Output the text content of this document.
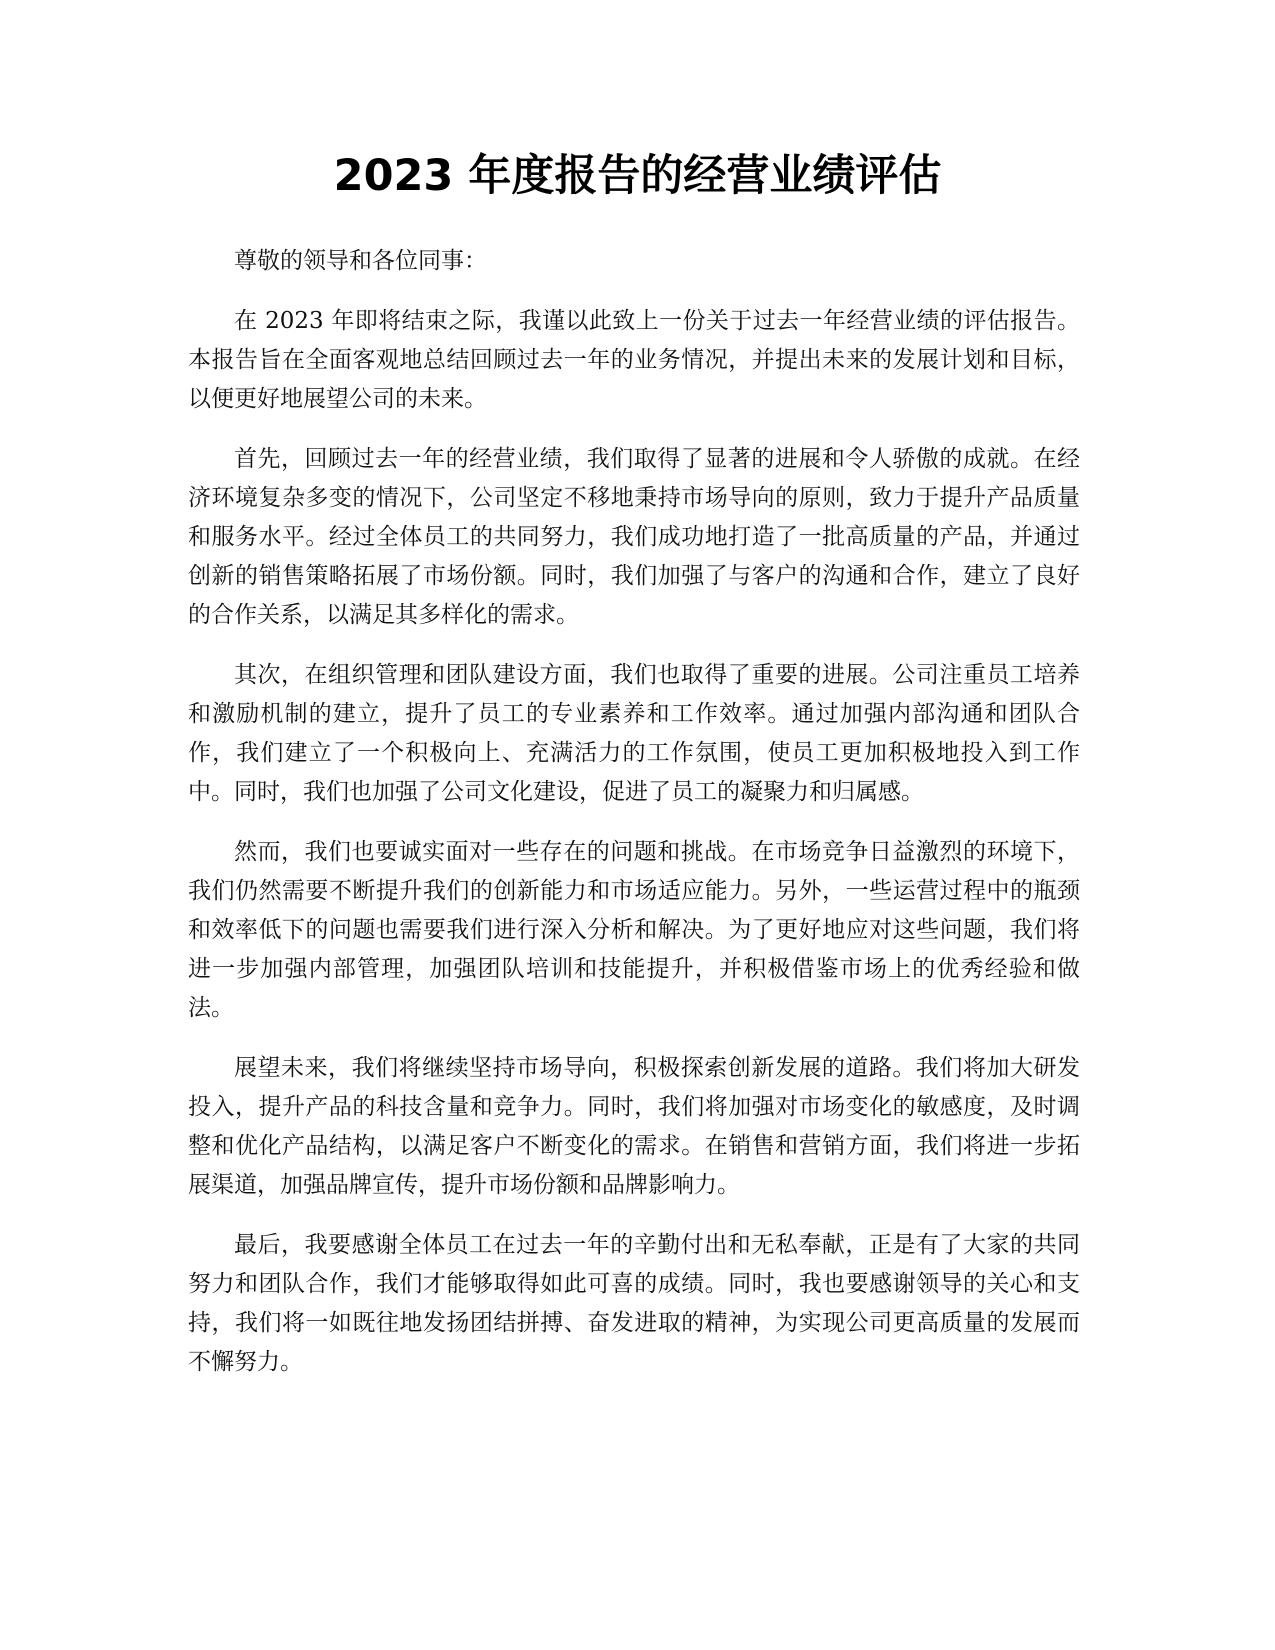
2023 年度报告的经营业绩评估

尊敬的领导和各位同事：

在 2023 年即将结束之际，我谨以此致上一份关于过去一年经营业绩的评估报告。本报告旨在全面客观地总结回顾过去一年的业务情况，并提出未来的发展计划和目标，以便更好地展望公司的未来。

首先，回顾过去一年的经营业绩，我们取得了显著的进展和令人骄傲的成就。在经济环境复杂多变的情况下，公司坚定不移地秉持市场导向的原则，致力于提升产品质量和服务水平。经过全体员工的共同努力，我们成功地打造了一批高质量的产品，并通过创新的销售策略拓展了市场份额。同时，我们加强了与客户的沟通和合作，建立了良好的合作关系，以满足其多样化的需求。

其次，在组织管理和团队建设方面，我们也取得了重要的进展。公司注重员工培养和激励机制的建立，提升了员工的专业素养和工作效率。通过加强内部沟通和团队合作，我们建立了一个积极向上、充满活力的工作氛围，使员工更加积极地投入到工作中。同时，我们也加强了公司文化建设，促进了员工的凝聚力和归属感。

然而，我们也要诚实面对一些存在的问题和挑战。在市场竞争日益激烈的环境下，我们仍然需要不断提升我们的创新能力和市场适应能力。另外，一些运营过程中的瓶颈和效率低下的问题也需要我们进行深入分析和解决。为了更好地应对这些问题，我们将进一步加强内部管理，加强团队培训和技能提升，并积极借鉴市场上的优秀经验和做法。

展望未来，我们将继续坚持市场导向，积极探索创新发展的道路。我们将加大研发投入，提升产品的科技含量和竞争力。同时，我们将加强对市场变化的敏感度，及时调整和优化产品结构，以满足客户不断变化的需求。在销售和营销方面，我们将进一步拓展渠道，加强品牌宣传，提升市场份额和品牌影响力。

最后，我要感谢全体员工在过去一年的辛勤付出和无私奉献，正是有了大家的共同努力和团队合作，我们才能够取得如此可喜的成绩。同时，我也要感谢领导的关心和支持，我们将一如既往地发扬团结拼搏、奋发进取的精神，为实现公司更高质量的发展而不懈努力。
